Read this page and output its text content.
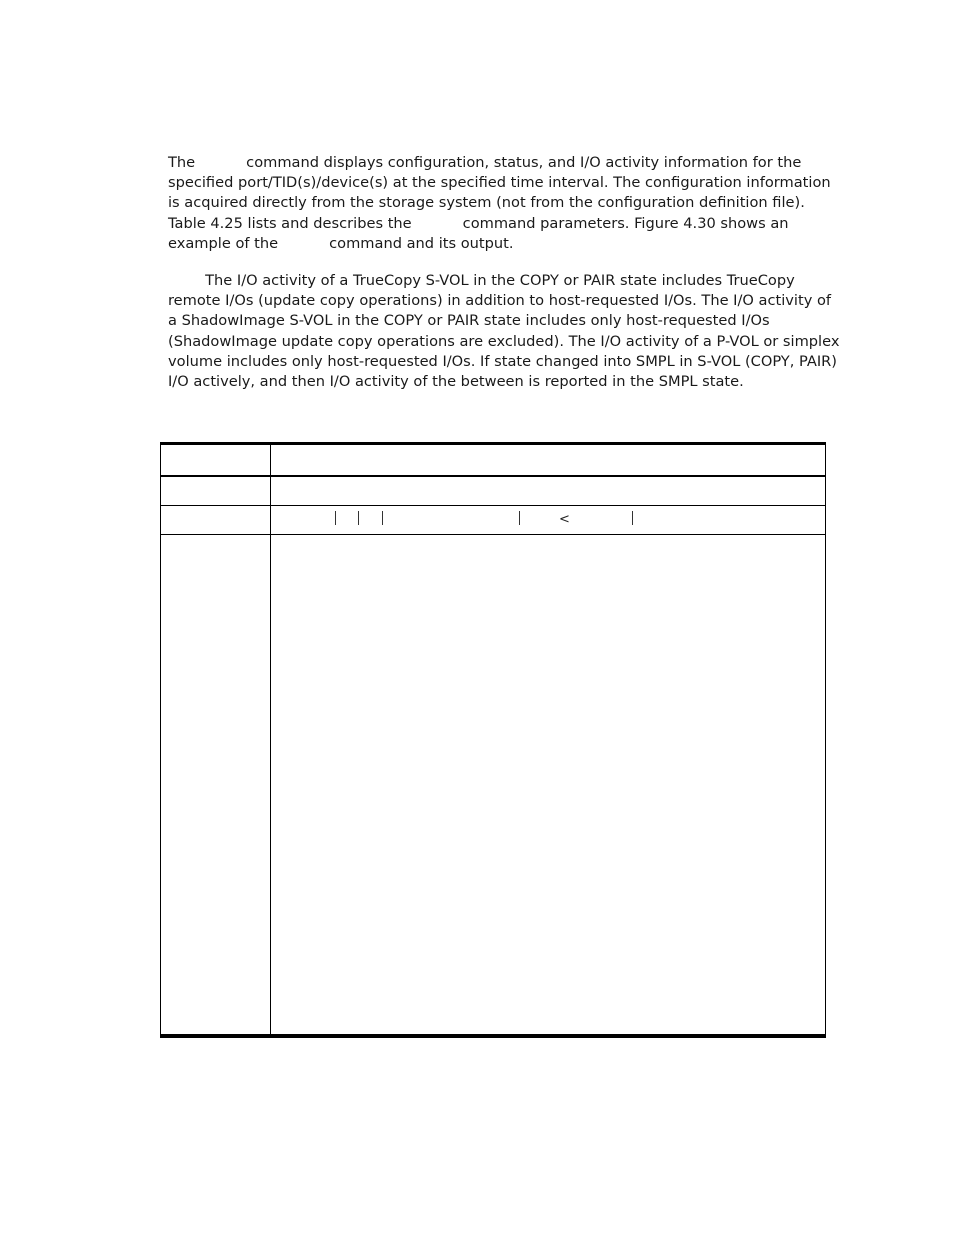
The           command displays configuration, status, and I/O activity information for the
specified port/TID(s)/device(s) at the specified time interval. The configuration information
is acquired directly from the storage system (not from the configuration definition file).
Table 4.25 lists and describes the           command parameters. Figure 4.30 shows an
example of the           command and its output.
The I/O activity of a TrueCopy S-VOL in the COPY or PAIR state includes TrueCopy
remote I/Os (update copy operations) in addition to host-requested I/Os. The I/O activity of
a ShadowImage S-VOL in the COPY or PAIR state includes only host-requested I/Os
(ShadowImage update copy operations are excluded). The I/O activity of a P-VOL or simplex
volume includes only host-requested I/Os. If state changed into SMPL in S-VOL (COPY, PAIR)
I/O actively, and then I/O activity of the between is reported in the SMPL state.
<
